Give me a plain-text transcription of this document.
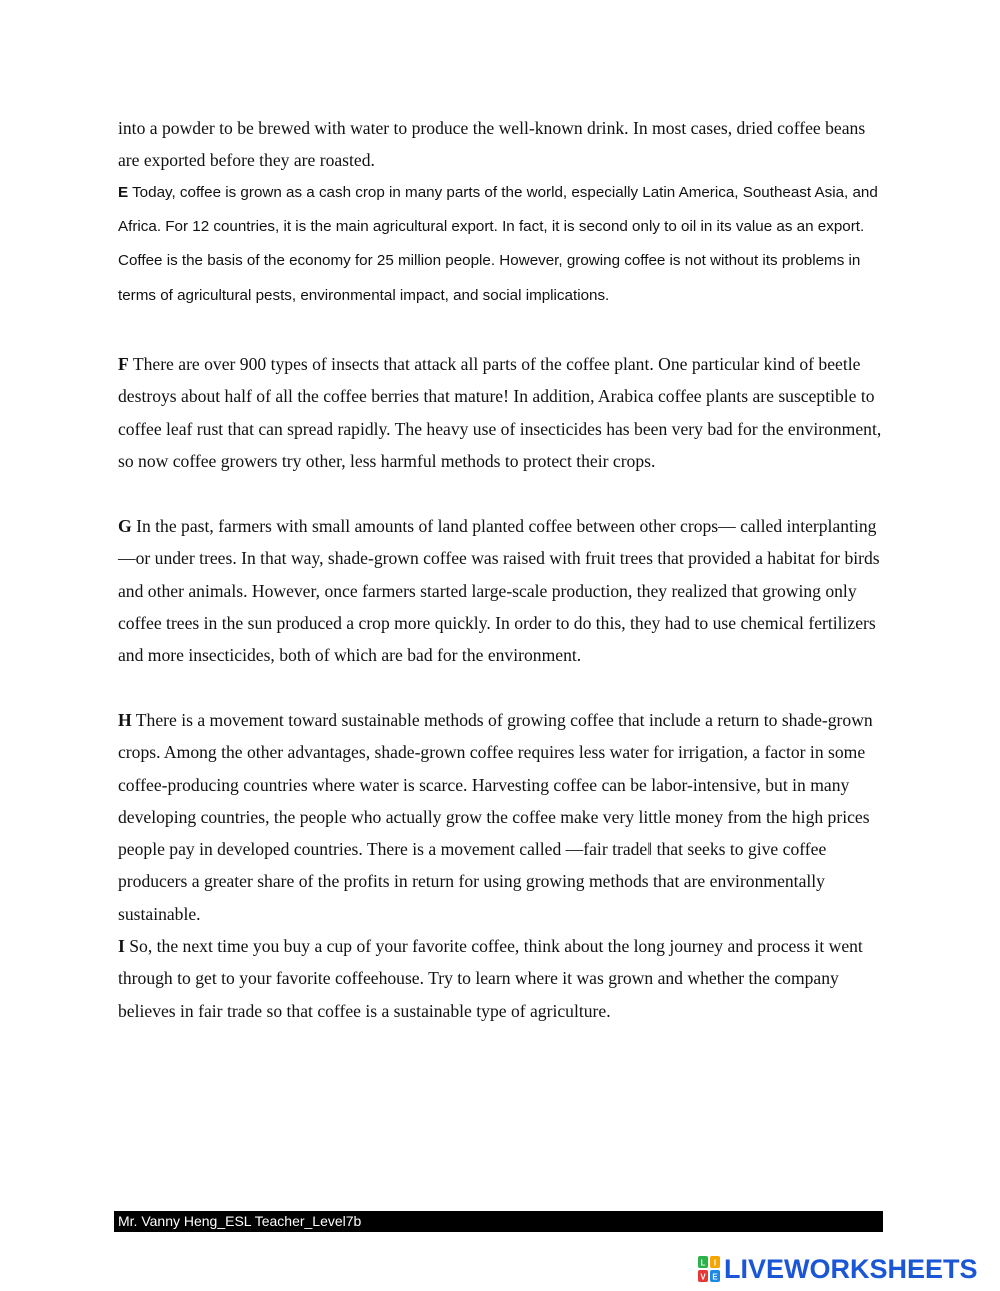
into a powder to be brewed with water to produce the well-known drink. In most cases, dried coffee beans are exported before they are roasted.

E Today, coffee is grown as a cash crop in many parts of the world, especially Latin America, Southeast Asia, and Africa. For 12 countries, it is the main agricultural export. In fact, it is second only to oil in its value as an export. Coffee is the basis of the economy for 25 million people. However, growing coffee is not without its problems in terms of agricultural pests, environmental impact, and social implications.

F There are over 900 types of insects that attack all parts of the coffee plant. One particular kind of beetle destroys about half of all the coffee berries that mature! In addition, Arabica coffee plants are susceptible to coffee leaf rust that can spread rapidly. The heavy use of insecticides has been very bad for the environment, so now coffee growers try other, less harmful methods to protect their crops.

G In the past, farmers with small amounts of land planted coffee between other crops— called interplanting—or under trees. In that way, shade-grown coffee was raised with fruit trees that provided a habitat for birds and other animals. However, once farmers started large-scale production, they realized that growing only coffee trees in the sun produced a crop more quickly. In order to do this, they had to use chemical fertilizers and more insecticides, both of which are bad for the environment.

H There is a movement toward sustainable methods of growing coffee that include a return to shade-grown crops. Among the other advantages, shade-grown coffee requires less water for irrigation, a factor in some coffee-producing countries where water is scarce. Harvesting coffee can be labor-intensive, but in many developing countries, the people who actually grow the coffee make very little money from the high prices people pay in developed countries. There is a movement called ―fair trade‖ that seeks to give coffee producers a greater share of the profits in return for using growing methods that are environmentally sustainable.

I So, the next time you buy a cup of your favorite coffee, think about the long journey and process it went through to get to your favorite coffeehouse. Try to learn where it was grown and whether the company believes in fair trade so that coffee is a sustainable type of agriculture.

Mr. Vanny Heng_ESL Teacher_Level7b
L I
V E LIVEWORKSHEETS
